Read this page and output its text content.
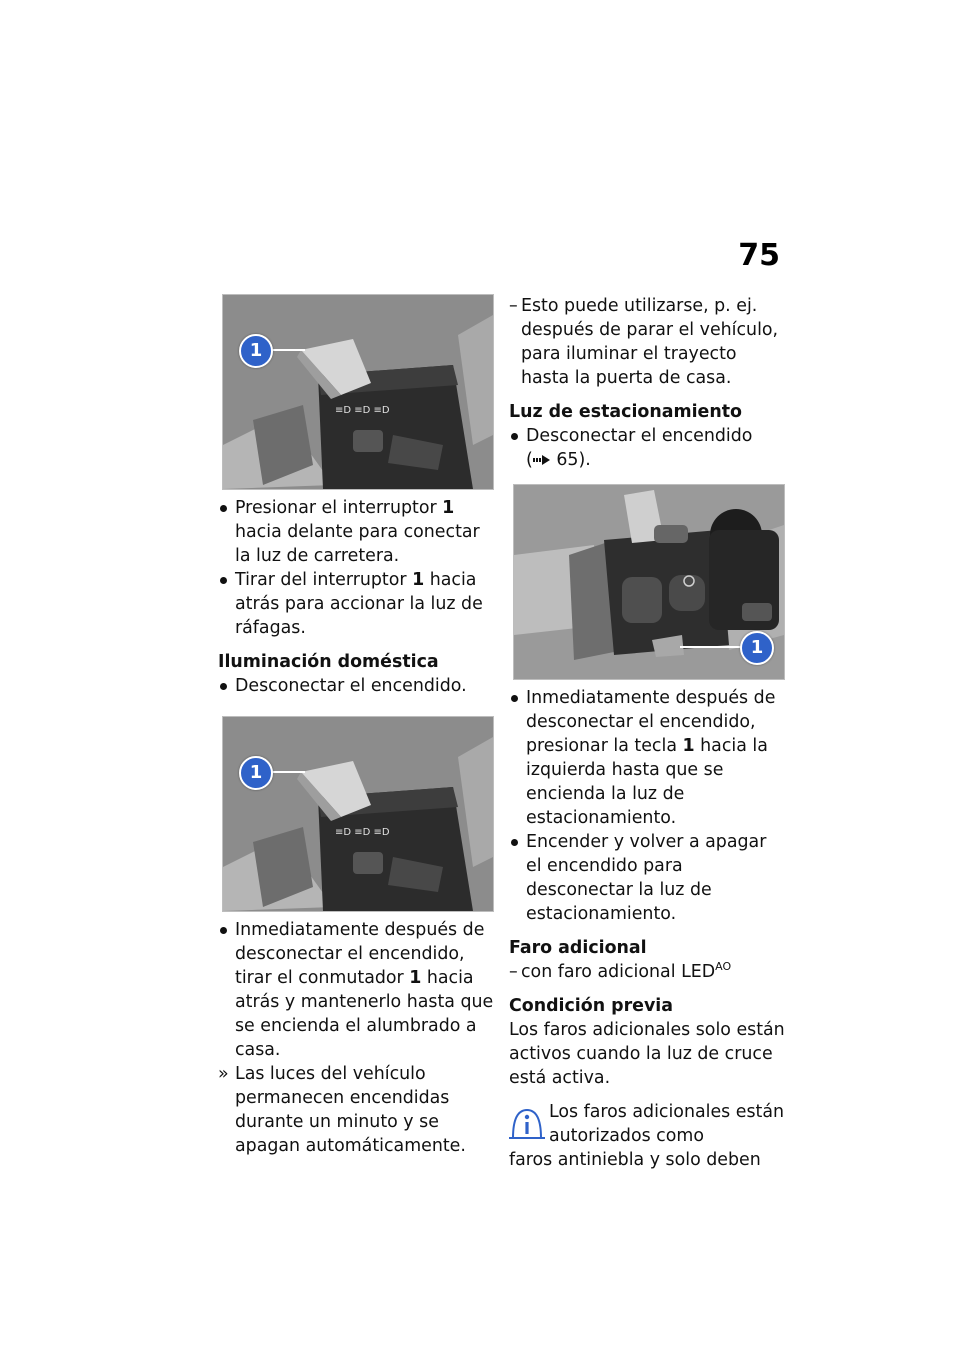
75
≡D ≡D ≡D
1
Presionar el interruptor 1 hacia delante para conectar la luz de carretera.
Tirar del interruptor 1 hacia atrás para accionar la luz de ráfagas.
Iluminación doméstica
Desconectar el encendido.
≡D ≡D ≡D
1
Inmediatamente después de desconectar el encendido, tirar el conmutador 1 hacia atrás y mantenerlo hasta que se encienda el alumbrado a casa.
» Las luces del vehículo permanecen encendidas durante un minuto y se apagan automáticamente.
– Esto puede utilizarse, p. ej. después de parar el vehículo, para iluminar el trayecto hasta la puerta de casa.
Luz de estacionamiento
Desconectar el encendido
( 65).
1
Inmediatamente después de desconectar el encendido, presionar la tecla 1 hacia la izquierda hasta que se encienda la luz de estacionamiento.
Encender y volver a apagar el encendido para desconectar la luz de estacionamiento.
Faro adicional
– con faro adicional $LED^{AO}$
Condición previa
Los faros adicionales solo están activos cuando la luz de cruce está activa.
Los faros adicionales están autorizados como
faros antiniebla y solo deben
